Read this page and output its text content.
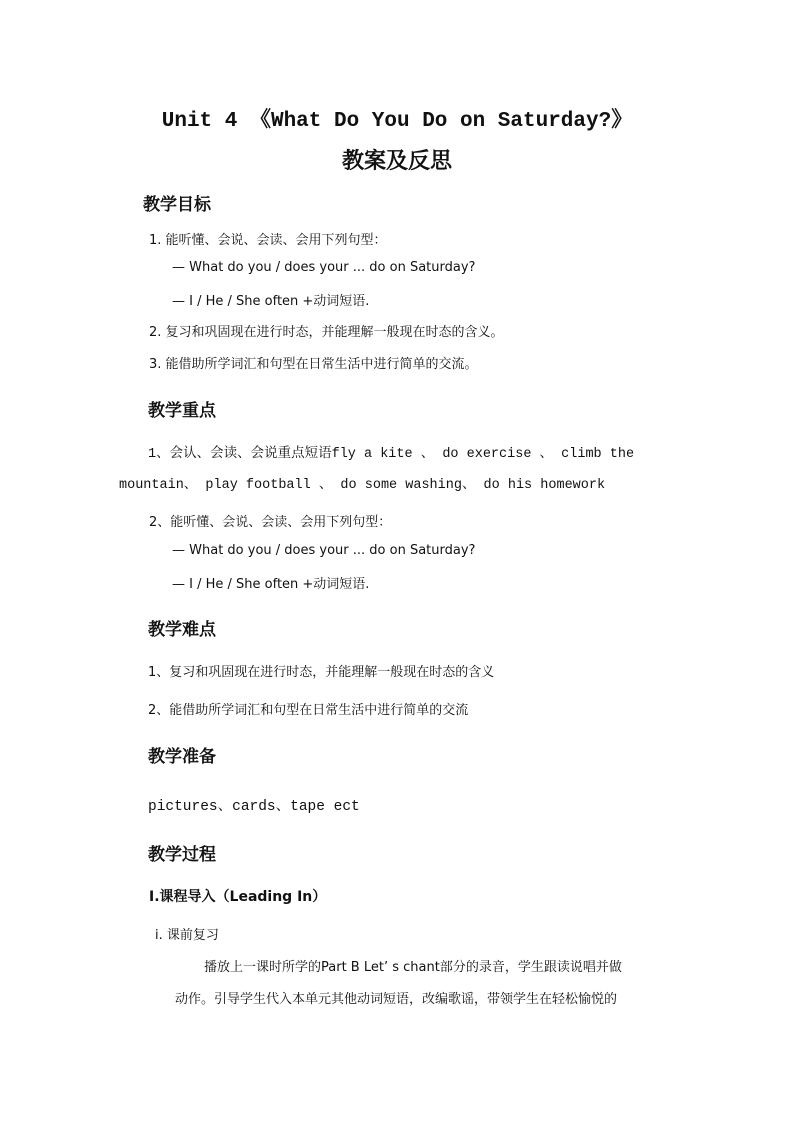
Unit 4 《What Do You Do on Saturday?》
教案及反思
教学目标
1. 能听懂、会说、会读、会用下列句型：
— What do you / does your ... do on Saturday?
— I / He / She often +动词短语.
2. 复习和巩固现在进行时态，并能理解一般现在时态的含义。
3. 能借助所学词汇和句型在日常生活中进行简单的交流。
教学重点
1、会认、会读、会说重点短语fly a kite 、 do exercise 、 climb the
mountain、 play football 、 do some washing、 do his homework
2、能听懂、会说、会读、会用下列句型：
— What do you / does your ... do on Saturday?
— I / He / She often +动词短语.
教学难点
1、复习和巩固现在进行时态，并能理解一般现在时态的含义
2、能借助所学词汇和句型在日常生活中进行简单的交流
教学准备
pictures、cards、tape ect
教学过程
Ⅰ.课程导入（Leading In）
ⅰ. 课前复习
播放上一课时所学的Part B Let’ s chant部分的录音，学生跟读说唱并做
动作。引导学生代入本单元其他动词短语，改编歌谣，带领学生在轻松愉悦的
